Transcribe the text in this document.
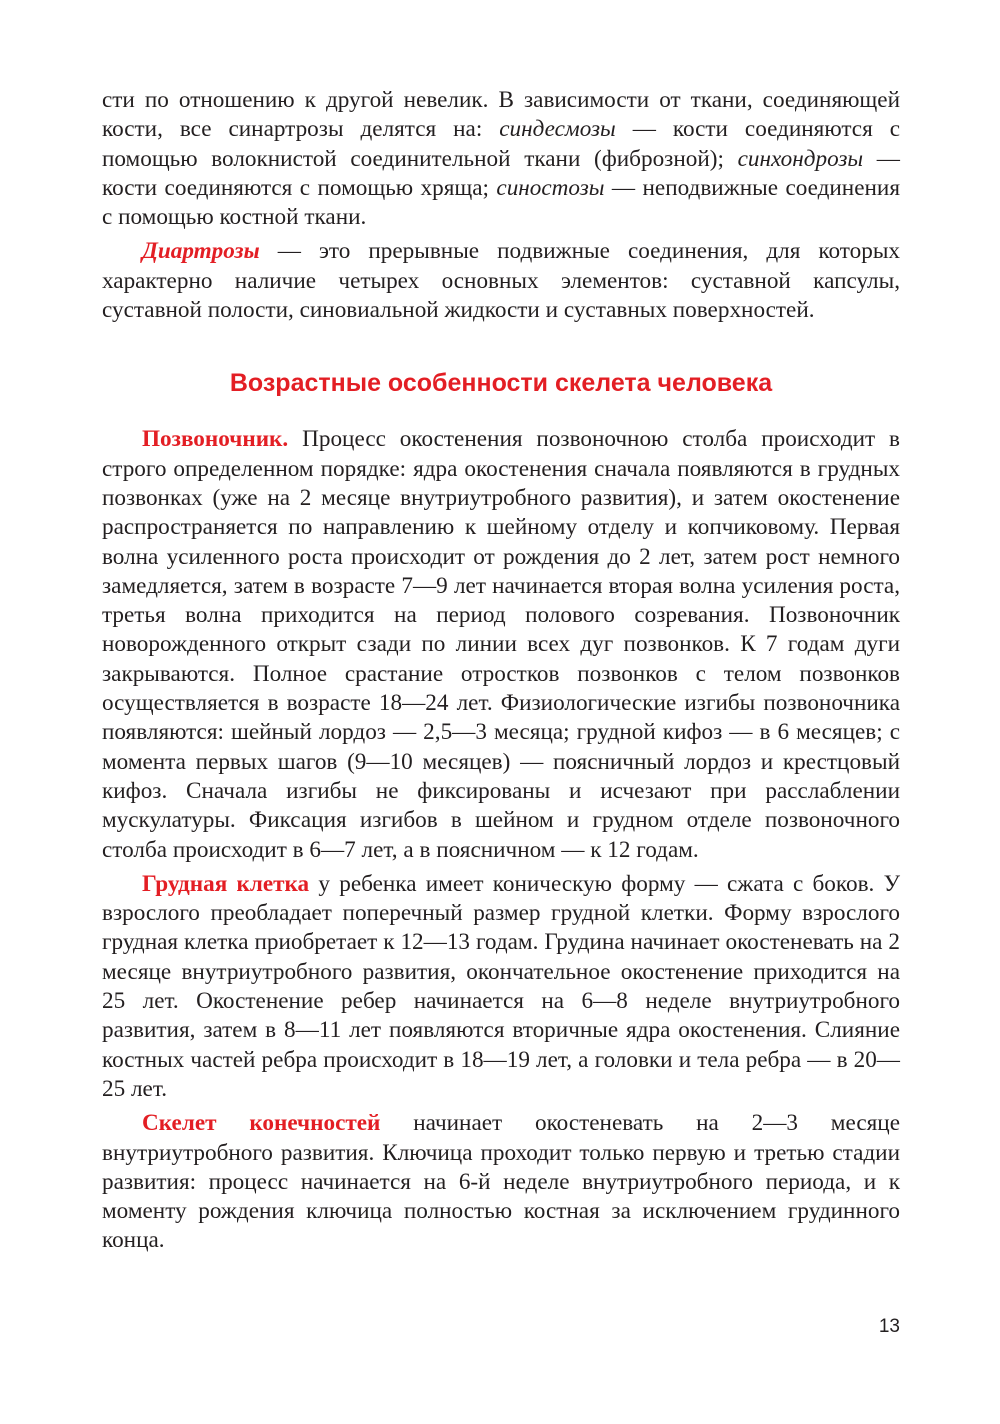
сти по отношению к другой невелик. В зависимости от ткани, соединяющей кости, все синартрозы делятся на: синдесмозы — кости соединяются с помощью волокнистой соединительной ткани (фиброзной); синхондрозы — кости соединяются с помощью хряща; синостозы — неподвижные соединения с помощью костной ткани.

Диартрозы — это прерывные подвижные соединения, для которых характерно наличие четырех основных элементов: суставной капсулы, суставной полости, синовиальной жидкости и суставных поверхностей.

Возрастные особенности скелета человека

Позвоночник. Процесс окостенения позвоночною столба происходит в строго определенном порядке: ядра окостенения сначала появляются в грудных позвонках (уже на 2 месяце внутриутробного развития), и затем окостенение распространяется по направлению к шейному отделу и копчиковому. Первая волна усиленного роста происходит от рождения до 2 лет, затем рост немного замедляется, затем в возрасте 7—9 лет начинается вторая волна усиления роста, третья волна приходится на период полового созревания. Позвоночник новорожденного открыт сзади по линии всех дуг позвонков. К 7 годам дуги закрываются. Полное срастание отростков позвонков с телом позвонков осуществляется в возрасте 18—24 лет. Физиологические изгибы позвоночника появляются: шейный лордоз — 2,5—3 месяца; грудной кифоз — в 6 месяцев; с момента первых шагов (9—10 месяцев) — поясничный лордоз и крестцовый кифоз. Сначала изгибы не фиксированы и исчезают при расслаблении мускулатуры. Фиксация изгибов в шейном и грудном отделе позвоночного столба происходит в 6—7 лет, а в поясничном — к 12 годам.

Грудная клетка у ребенка имеет коническую форму — сжата с боков. У взрослого преобладает поперечный размер грудной клетки. Форму взрослого грудная клетка приобретает к 12—13 годам. Грудина начинает окостеневать на 2 месяце внутриутробного развития, окончательное окостенение приходится на 25 лет. Окостенение ребер начинается на 6—8 неделе внутриутробного развития, затем в 8—11 лет появляются вторичные ядра окостенения. Слияние костных частей ребра происходит в 18—19 лет, а головки и тела ребра — в 20—25 лет.

Скелет конечностей начинает окостеневать на 2—3 месяце внутриутробного развития. Ключица проходит только первую и третью стадии развития: процесс начинается на 6-й неделе внутриутробного периода, и к моменту рождения ключица полностью костная за исключением грудинного конца.

13
